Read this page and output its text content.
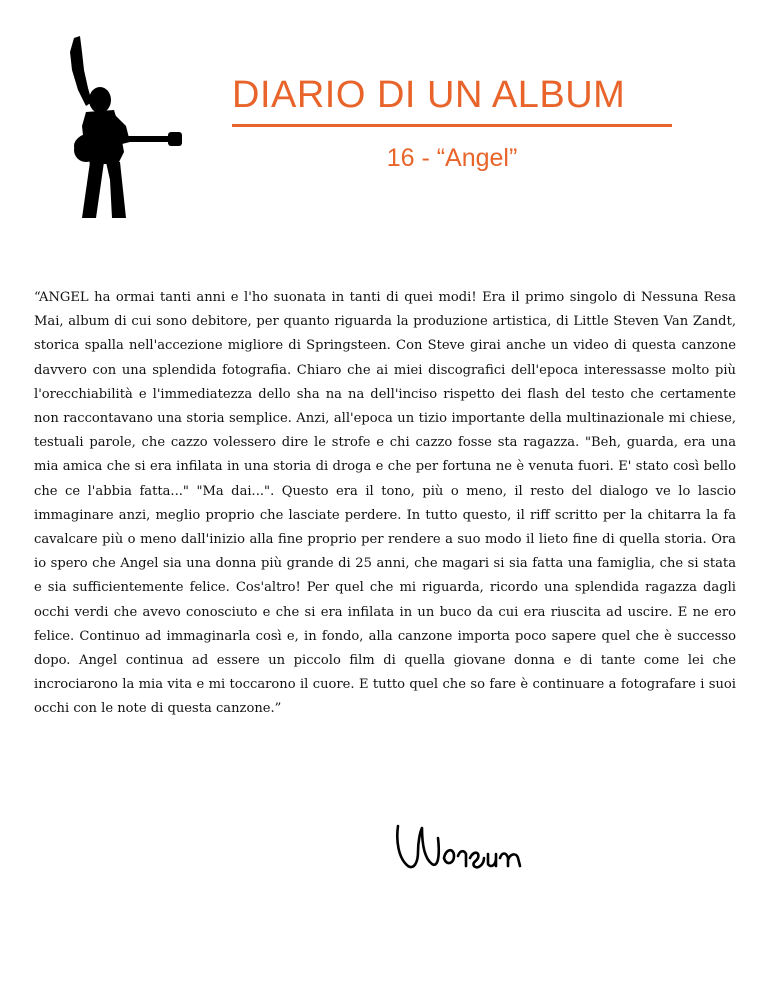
DIARIO DI UN ALBUM
16 - “Angel”

“ANGEL ha ormai tanti anni e l'ho suonata in tanti di quei modi! Era il primo singolo di Nessuna Resa Mai, album di cui sono debitore, per quanto riguarda la produzione artistica, di Little Steven Van Zandt, storica spalla nell'accezione migliore di Springsteen. Con Steve girai anche un video di questa canzone davvero con una splendida fotografia. Chiaro che ai miei discografici dell'epoca interessasse molto più l'orecchiabilità e l'immediatezza dello sha na na dell'inciso rispetto dei flash del testo che certamente non raccontavano una storia semplice. Anzi, all'epoca un tizio importante della multinazionale mi chiese, testuali parole, che cazzo volessero dire le strofe e chi cazzo fosse sta ragazza. "Beh, guarda, era una mia amica che si era infilata in una storia di droga e che per fortuna ne è venuta fuori. E' stato così bello che ce l'abbia fatta..." "Ma dai...". Questo era il tono, più o meno, il resto del dialogo ve lo lascio immaginare anzi, meglio proprio che lasciate perdere. In tutto questo, il riff scritto per la chitarra la fa cavalcare più o meno dall'inizio alla fine proprio per rendere a suo modo il lieto fine di quella storia. Ora io spero che Angel sia una donna più grande di 25 anni, che magari si sia fatta una famiglia, che si stata e sia sufficientemente felice. Cos'altro! Per quel che mi riguarda, ricordo una splendida ragazza dagli occhi verdi che avevo conosciuto e che si era infilata in un buco da cui era riuscita ad uscire. E ne ero felice. Continuo ad immaginarla così e, in fondo, alla canzone importa poco sapere quel che è successo dopo. Angel continua ad essere un piccolo film di quella giovane donna e di tante come lei che incrociarono la mia vita e mi toccarono il cuore. E tutto quel che so fare è continuare a fotografare i suoi occhi con le note di questa canzone.”
